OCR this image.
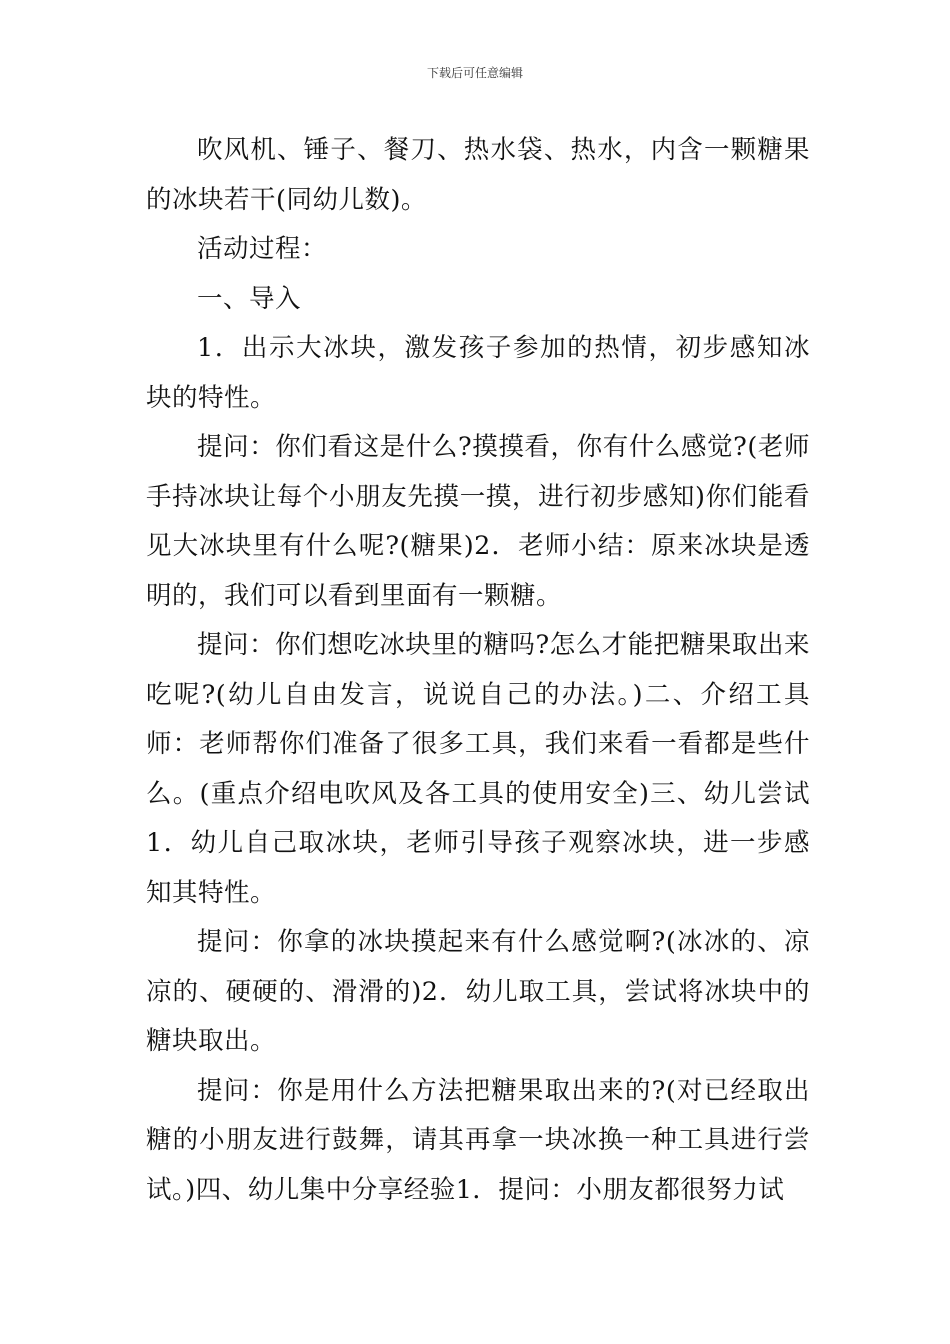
下载后可任意编辑

吹风机、锤子、餐刀、热水袋、热水，内含一颗糖果的冰块若干(同幼儿数)。

活动过程：

一、导入

1．出示大冰块，激发孩子参加的热情，初步感知冰块的特性。

提问：你们看这是什么?摸摸看，你有什么感觉?(老师手持冰块让每个小朋友先摸一摸，进行初步感知)你们能看见大冰块里有什么呢?(糖果)2．老师小结：原来冰块是透明的，我们可以看到里面有一颗糖。

提问：你们想吃冰块里的糖吗?怎么才能把糖果取出来吃呢?(幼儿自由发言，说说自己的办法。)二、介绍工具师：老师帮你们准备了很多工具，我们来看一看都是些什么。(重点介绍电吹风及各工具的使用安全)三、幼儿尝试1．幼儿自己取冰块，老师引导孩子观察冰块，进一步感知其特性。

提问：你拿的冰块摸起来有什么感觉啊?(冰冰的、凉凉的、硬硬的、滑滑的)2．幼儿取工具，尝试将冰块中的糖块取出。

提问：你是用什么方法把糖果取出来的?(对已经取出糖的小朋友进行鼓舞，请其再拿一块冰换一种工具进行尝试。)四、幼儿集中分享经验1．提问：小朋友都很努力试
